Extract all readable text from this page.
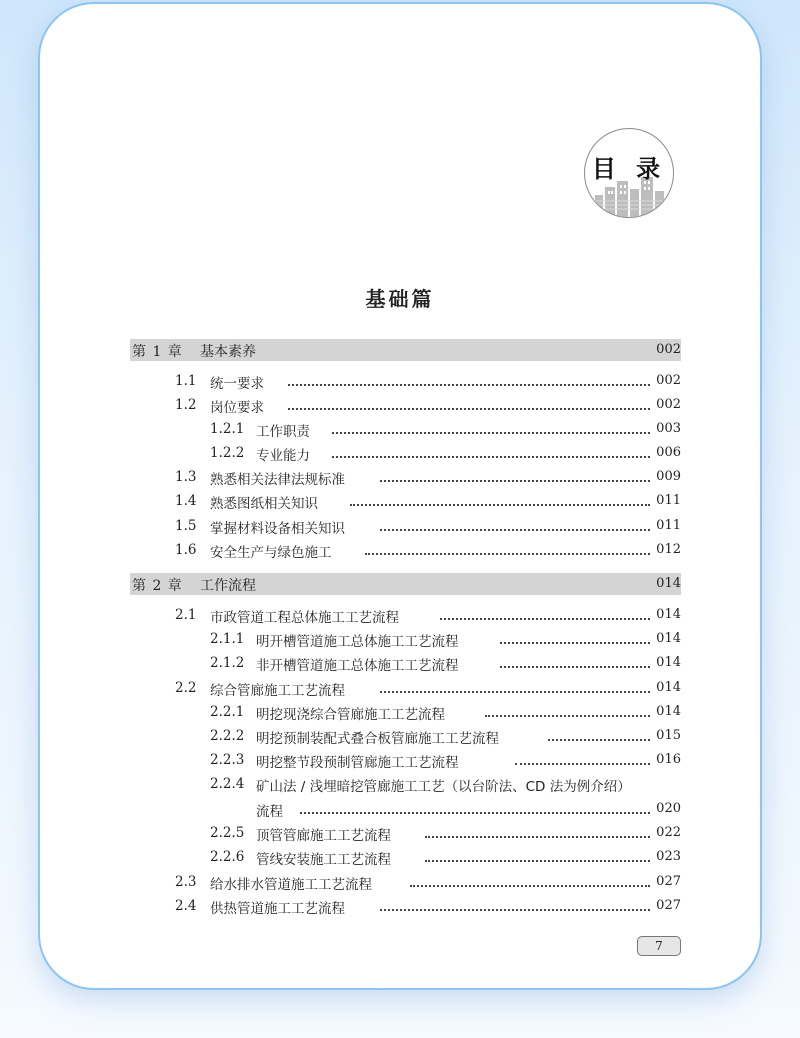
目 录
基础篇
第 1 章 基本素养	002
1.1 统一要求	002
1.2 岗位要求	002
1.2.1 工作职责	003
1.2.2 专业能力	006
1.3 熟悉相关法律法规标准	009
1.4 熟悉图纸相关知识	011
1.5 掌握材料设备相关知识	011
1.6 安全生产与绿色施工	012
第 2 章 工作流程	014
2.1 市政管道工程总体施工工艺流程	014
2.1.1 明开槽管道施工总体施工工艺流程	014
2.1.2 非开槽管道施工总体施工工艺流程	014
2.2 综合管廊施工工艺流程	014
2.2.1 明挖现浇综合管廊施工工艺流程	014
2.2.2 明挖预制装配式叠合板管廊施工工艺流程	015
2.2.3 明挖整节段预制管廊施工工艺流程	016
2.2.4 矿山法 / 浅埋暗挖管廊施工工艺（以台阶法、CD 法为例介绍）
流程	020
2.2.5 顶管管廊施工工艺流程	022
2.2.6 管线安装施工工艺流程	023
2.3 给水排水管道施工工艺流程	027
2.4 供热管道施工工艺流程	027
7
